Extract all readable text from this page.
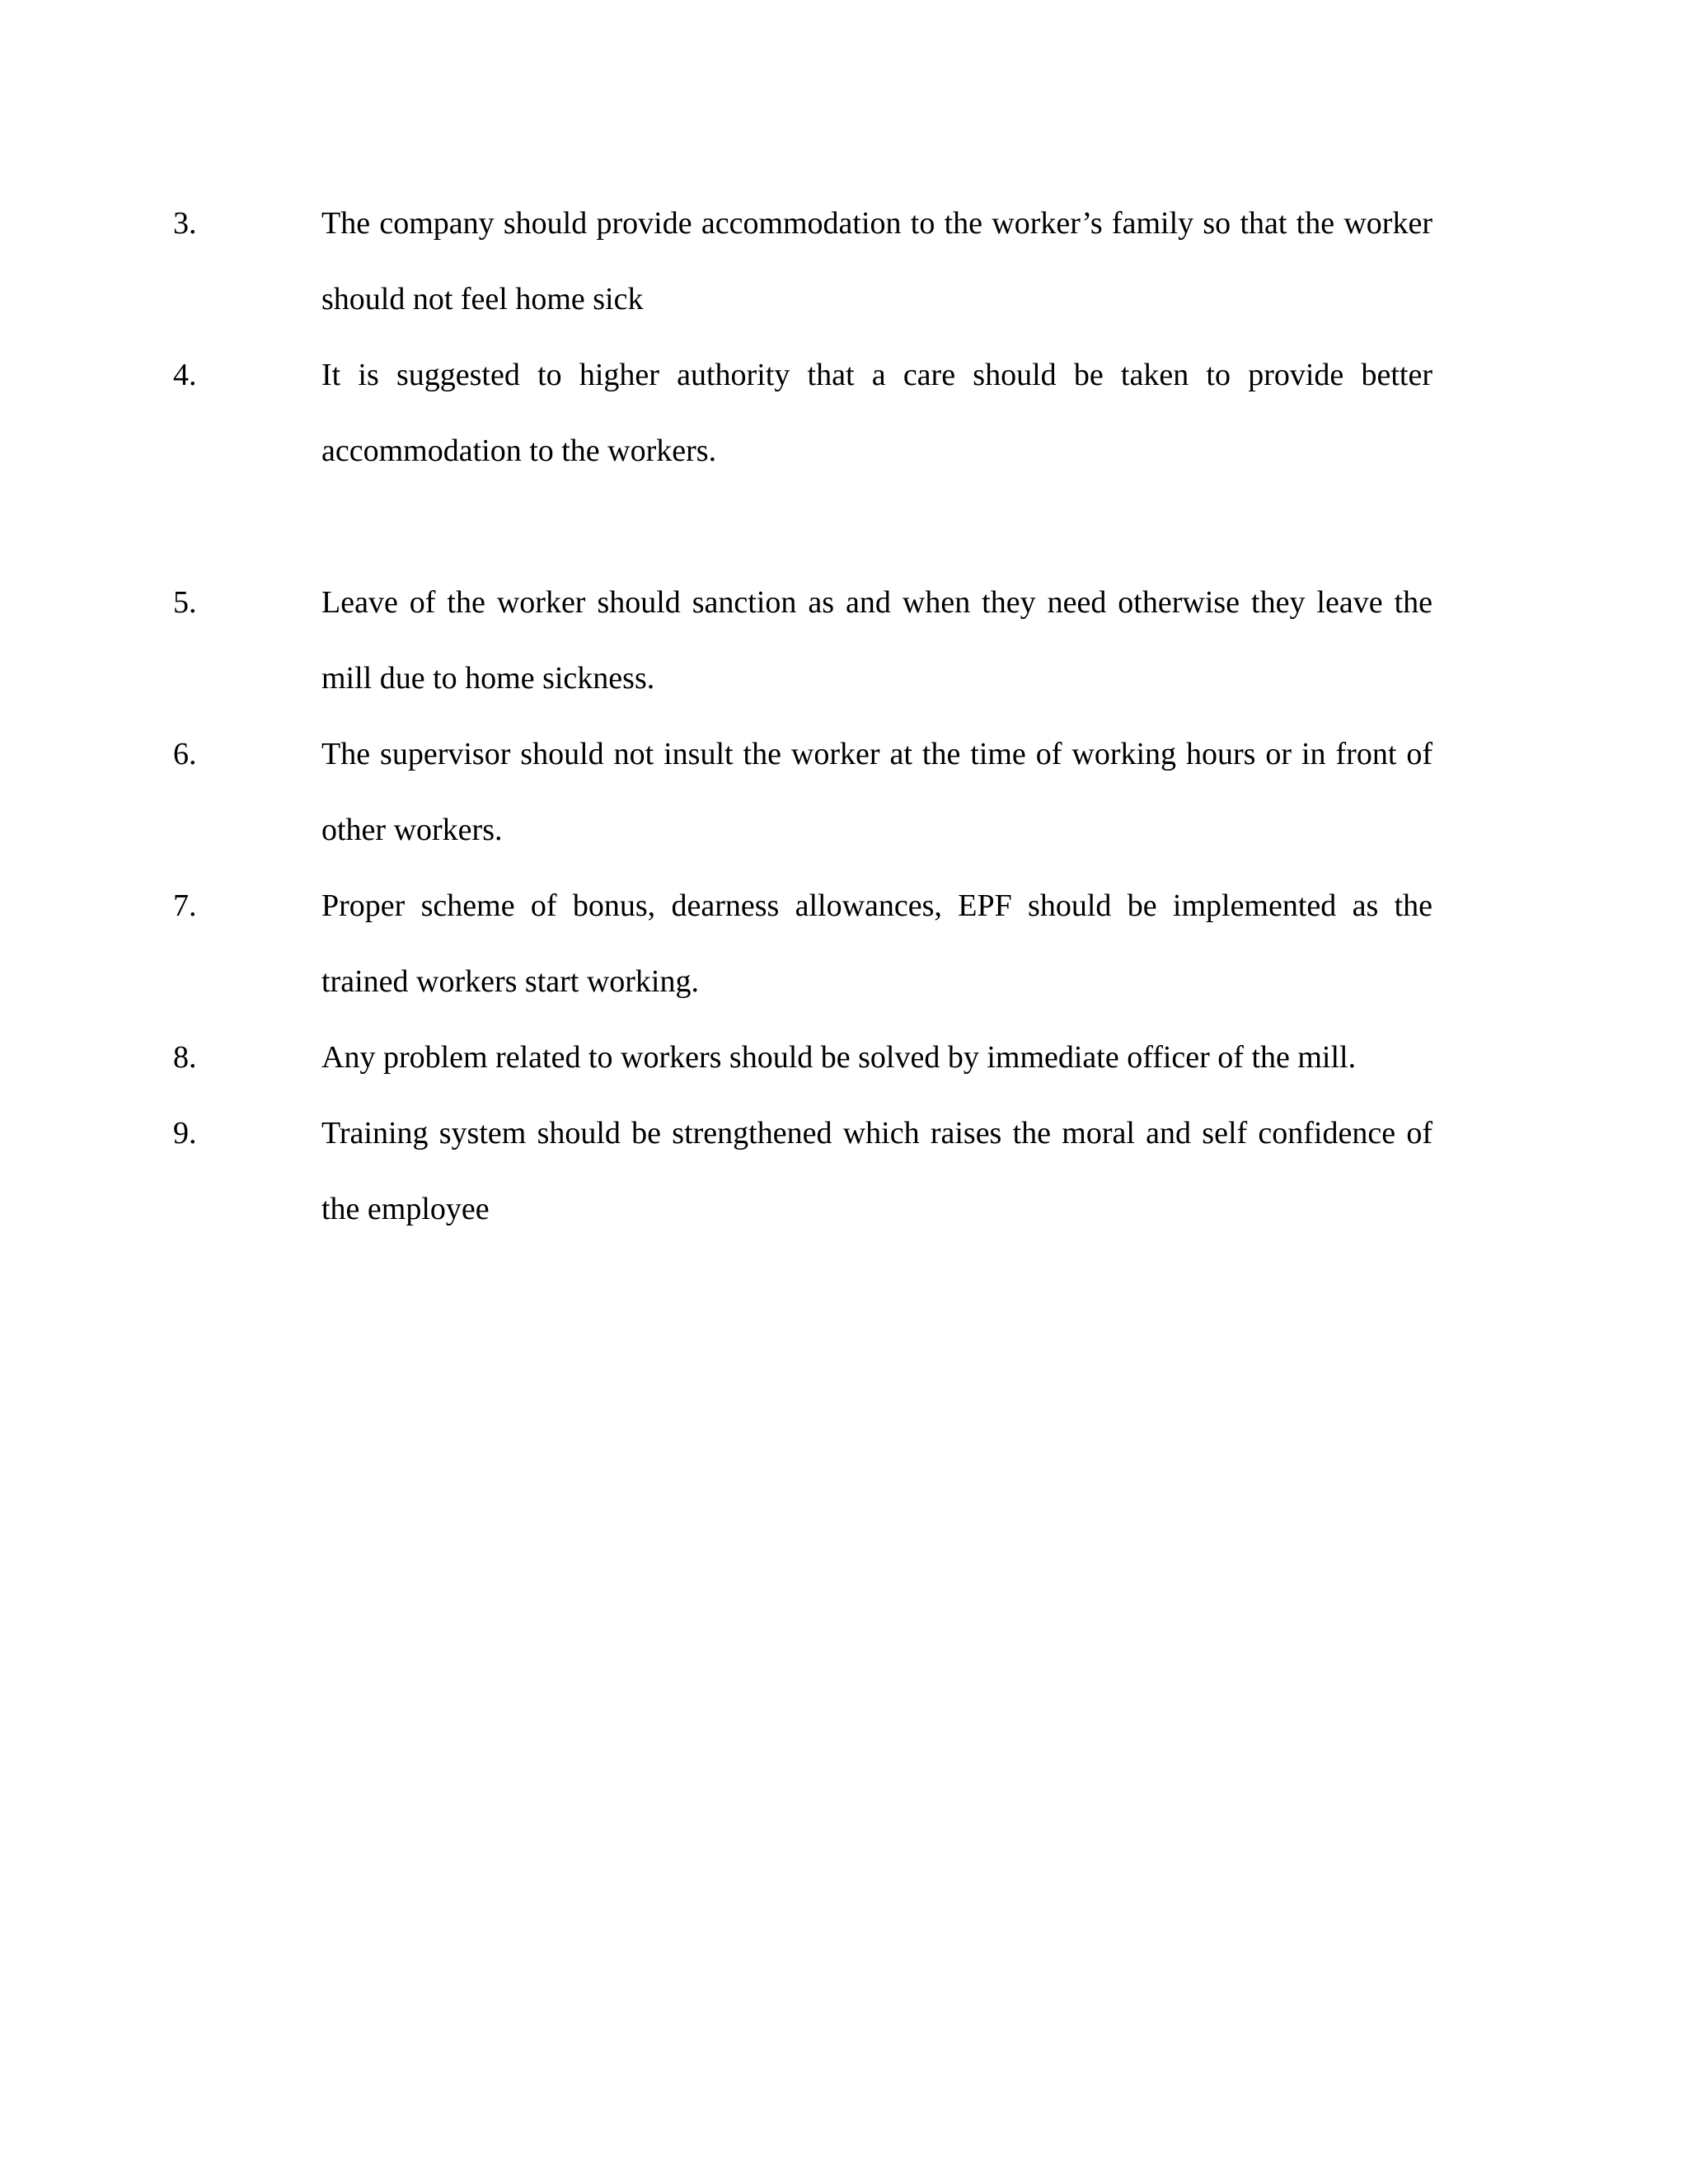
3.	The company should provide accommodation to the worker’s family so that the worker should not feel home sick
4.	It is suggested to higher authority that a care should be taken to provide better accommodation to the workers.
5.	Leave of the worker should sanction as and when they need otherwise they leave the mill due to home sickness.
6.	The supervisor should not insult the worker at the time of working hours or in front of other workers.
7.	Proper scheme of bonus, dearness allowances, EPF should be implemented as the trained workers start working.
8.	Any problem related to workers should be solved by immediate officer of the mill.
9.	Training system should be strengthened which raises the moral and self confidence of the employee
